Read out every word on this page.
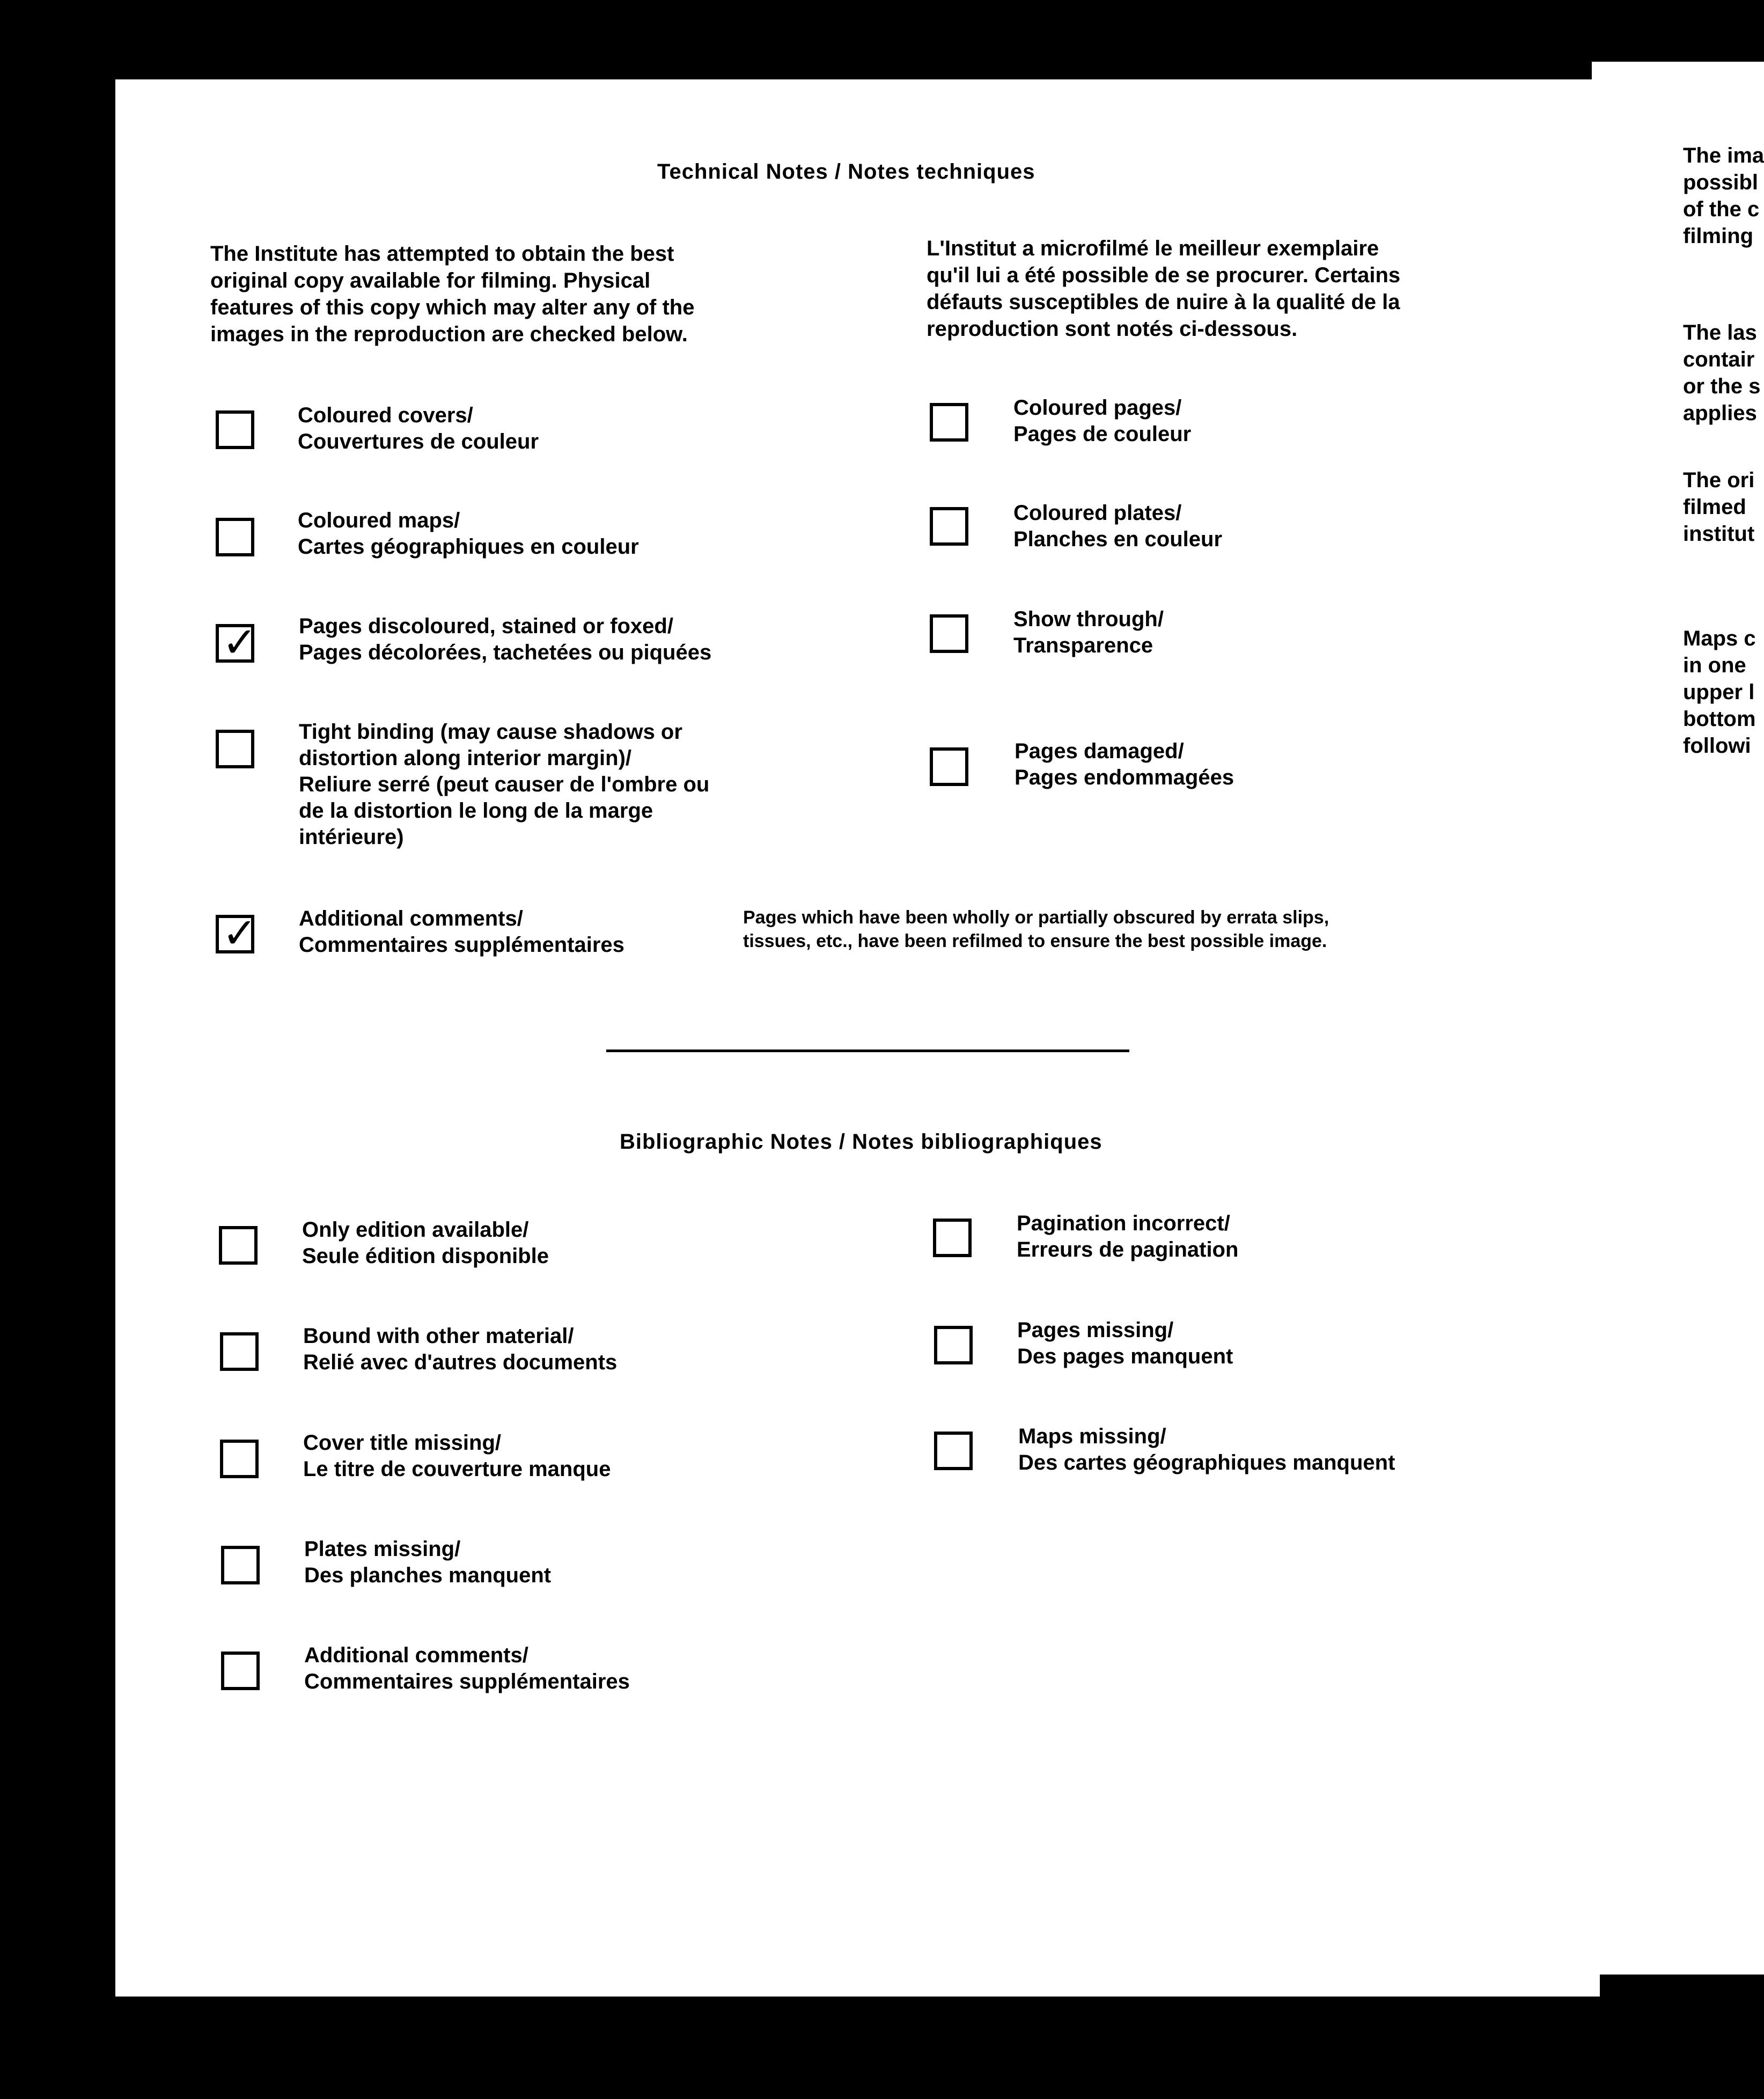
The ima
possibl
of the c
filming
The las
contair
or the s
applies
The ori
filmed
institut
Maps c
in one
upper l
bottom
followi
Technical Notes / Notes techniques
The Institute has attempted to obtain the best
original copy available for filming. Physical
features of this copy which may alter any of the
images in the reproduction are checked below.
L'Institut a microfilmé le meilleur exemplaire
qu'il lui a été possible de se procurer. Certains
défauts susceptibles de nuire à la qualité de la
reproduction sont notés ci-dessous.
Coloured covers/
Couvertures de couleur
Coloured maps/
Cartes géographiques en couleur
✓ Pages discoloured, stained or foxed/
Pages décolorées, tachetées ou piquées
Tight binding (may cause shadows or
distortion along interior margin)/
Reliure serré (peut causer de l'ombre ou
de la distortion le long de la marge
intérieure)
✓ Additional comments/
Commentaires supplémentaires
Pages which have been wholly or partially obscured by errata slips,
tissues, etc., have been refilmed to ensure the best possible image.
Coloured pages/
Pages de couleur
Coloured plates/
Planches en couleur
Show through/
Transparence
Pages damaged/
Pages endommagées
Bibliographic Notes / Notes bibliographiques
Only edition available/
Seule édition disponible
Bound with other material/
Relié avec d'autres documents
Cover title missing/
Le titre de couverture manque
Plates missing/
Des planches manquent
Additional comments/
Commentaires supplémentaires
Pagination incorrect/
Erreurs de pagination
Pages missing/
Des pages manquent
Maps missing/
Des cartes géographiques manquent
